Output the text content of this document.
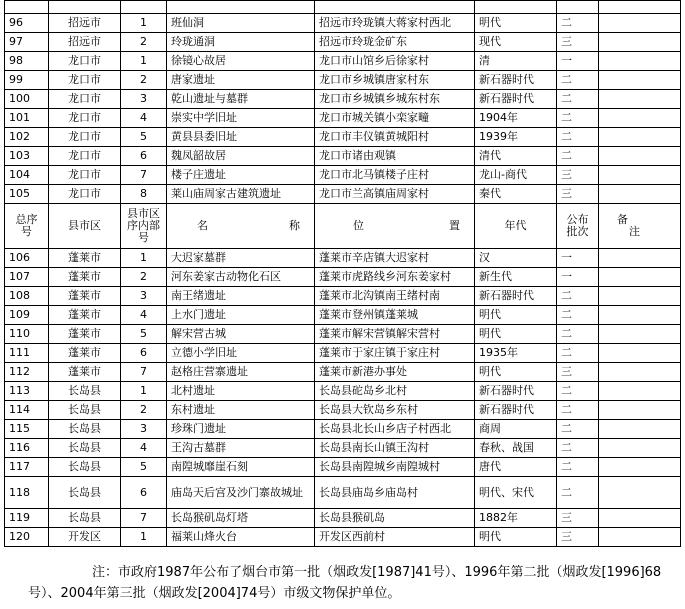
96	招远市	1	班仙洞	招远市玲珑镇大蒋家村西北	明代	二	
97	招远市	2	玲珑通洞	招远市玲珑金矿东	现代	三	
98	龙口市	1	徐镜心故居	龙口市山馆乡后徐家村	清	一	
99	龙口市	2	唐家遗址	龙口市乡城镇唐家村东	新石器时代	二	
100	龙口市	3	乾山遗址与墓群	龙口市乡城镇乡城东村东	新石器时代	二	
101	龙口市	4	崇实中学旧址	龙口市城关镇小栾家疃	1904年	二	
102	龙口市	5	黄县县委旧址	龙口市丰仪镇黄城阳村	1939年	二	
103	龙口市	6	魏凤韶故居	龙口市诸由观镇	清代	二	
104	龙口市	7	楼子庄遗址	龙口市北马镇楼子庄村	龙山-商代	三	
105	龙口市	8	莱山庙周家古建筑遗址	龙口市兰高镇庙周家村	秦代	三	
总序号	县市区	县市区序内部号	名 称	位 置	年代	公布批次	备
注
106	蓬莱市	1	大迟家墓群	蓬莱市辛店镇大迟家村	汉	一	
107	蓬莱市	2	河东姜家古动物化石区	蓬莱市虎路线乡河东姜家村	新生代	一	
108	蓬莱市	3	南王绪遗址	蓬莱市北沟镇南王绪村南	新石器时代	二	
109	蓬莱市	4	上水门遗址	蓬莱市登州镇蓬莱城	明代	二	
110	蓬莱市	5	解宋营古城	蓬莱市解宋营镇解宋营村	明代	二	
111	蓬莱市	6	立德小学旧址	蓬莱市于家庄镇于家庄村	1935年	二	
112	蓬莱市	7	赵格庄营寨遗址	蓬莱市新港办事处	明代	三	
113	长岛县	1	北村遗址	长岛县砣岛乡北村	新石器时代	二	
114	长岛县	2	东村遗址	长岛县大钦岛乡东村	新石器时代	二	
115	长岛县	3	珍珠门遗址	长岛县北长山乡店子村西北	商周	二	
116	长岛县	4	王沟古墓群	长岛县南长山镇王沟村	春秋、战国	二	
117	长岛县	5	南隍城靡崖石刻	长岛县南隍城乡南隍城村	唐代	二	
118	长岛县	6	庙岛天后宫及沙门寨故城址	长岛县庙岛乡庙岛村	明代、宋代	二	
119	长岛县	7	长岛猴矶岛灯塔	长岛县猴矶岛	1882年	三	
120	开发区	1	福莱山烽火台	开发区西前村	明代	三	

注：市政府1987年公布了烟台市第一批（烟政发[1987]41号）、1996年第二批（烟政发[1996]68号）、2004年第三批（烟政发[2004]74号）市级文物保护单位。
